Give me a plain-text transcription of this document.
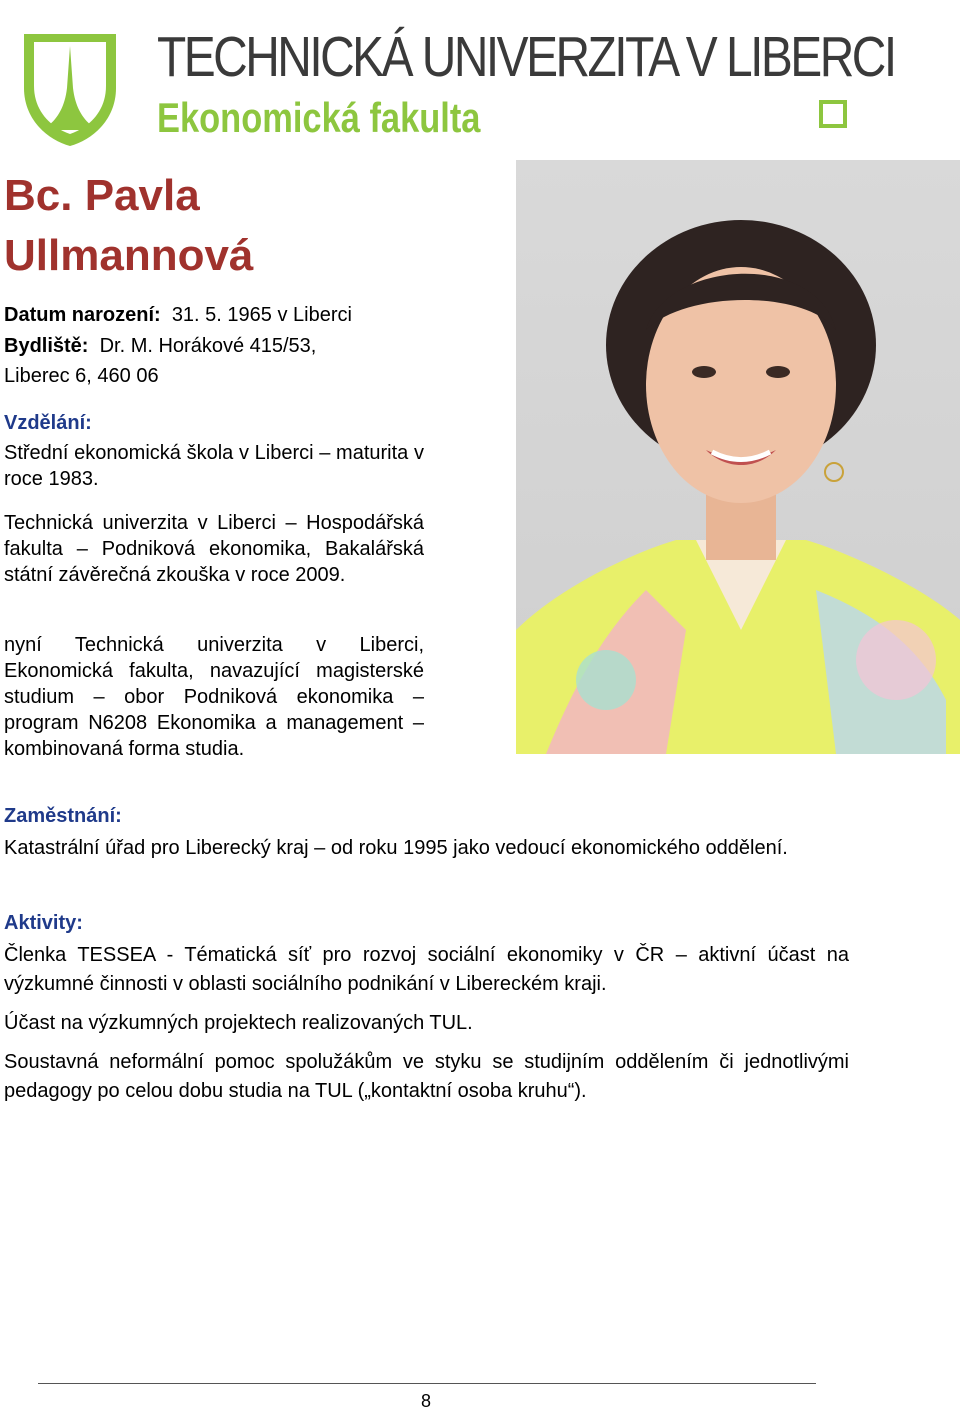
TECHNICKÁ UNIVERZITA V LIBERCI
Ekonomická fakulta
Bc. Pavla
Ullmannová
Datum narození: 31. 5. 1965 v Liberci
Bydliště: Dr. M. Horákové 415/53,
Liberec 6, 460 06
Vzdělání:
Střední ekonomická škola v Liberci – maturita v roce 1983.
Technická univerzita v Liberci – Hospodářská fakulta – Podniková ekonomika, Bakalářská státní závěrečná zkouška v roce 2009.
nyní Technická univerzita v Liberci, Ekonomická fakulta, navazující magisterské studium – obor Podniková ekonomika – program N6208 Ekonomika a management – kombinovaná forma studia.
Zaměstnání:
Katastrální úřad pro Liberecký kraj – od roku 1995 jako vedoucí ekonomického oddělení.
Aktivity:
Členka TESSEA - Tématická síť pro rozvoj sociální ekonomiky v ČR – aktivní účast na výzkumné činnosti v oblasti sociálního podnikání v Libereckém kraji.
Účast na výzkumných projektech realizovaných TUL.
Soustavná neformální pomoc spolužákům ve styku se studijním oddělením či jednotlivými pedagogy po celou dobu studia na TUL („kontaktní osoba kruhu“).
8
